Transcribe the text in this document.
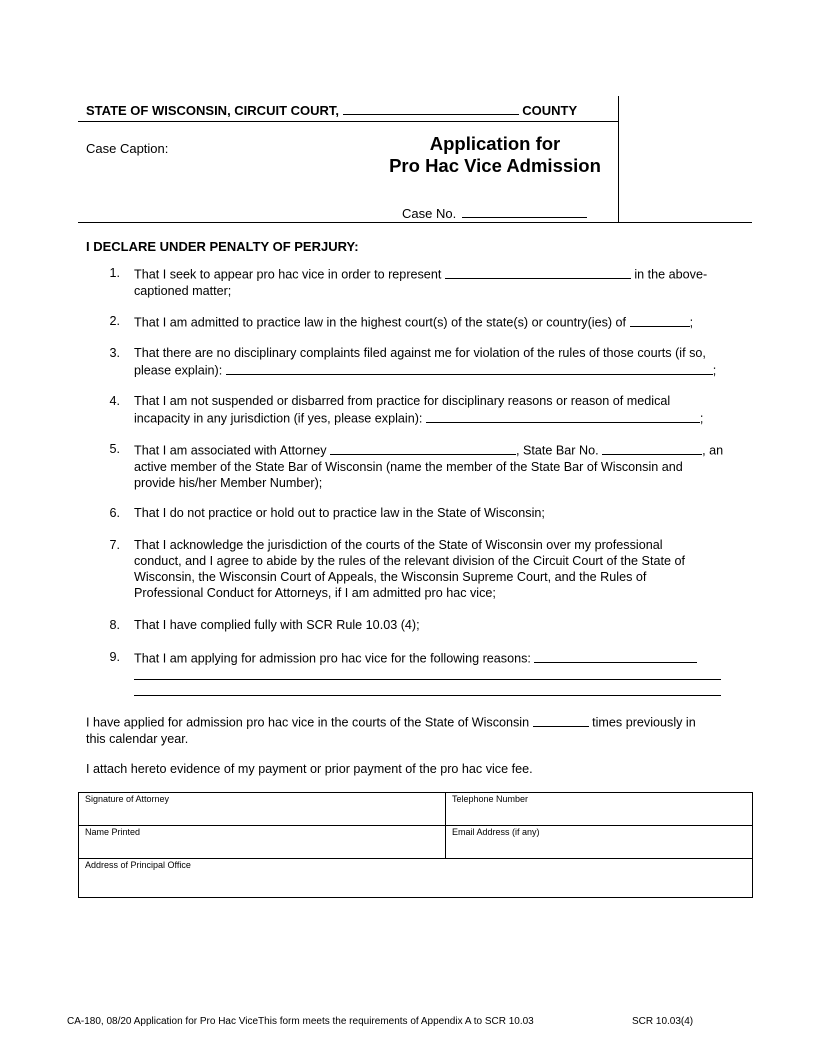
STATE OF WISCONSIN, CIRCUIT COURT,	COUNTY
Case Caption:	Application for
Pro Hac Vice Admission
Case No.
I DECLARE UNDER PENALTY OF PERJURY:
1. That I seek to appear pro hac vice in order to represent	in the above-
captioned matter;
2. That I am admitted to practice law in the highest court(s) of the state(s) or country(ies) of	;
3. That there are no disciplinary complaints filed against me for violation of the rules of those courts (if so,
please explain):	;
4. That I am not suspended or disbarred from practice for disciplinary reasons or reason of medical
incapacity in any jurisdiction (if yes, please explain):	;
5. That I am associated with Attorney	, State Bar No.	, an
active member of the State Bar of Wisconsin (name the member of the State Bar of Wisconsin and
provide his/her Member Number);
6. That I do not practice or hold out to practice law in the State of Wisconsin;
7. That I acknowledge the jurisdiction of the courts of the State of Wisconsin over my professional
conduct, and I agree to abide by the rules of the relevant division of the Circuit Court of the State of
Wisconsin, the Wisconsin Court of Appeals, the Wisconsin Supreme Court, and the Rules of
Professional Conduct for Attorneys, if I am admitted pro hac vice;
8. That I have complied fully with SCR Rule 10.03 (4);
9. That I am applying for admission pro hac vice for the following reasons:
I have applied for admission pro hac vice in the courts of the State of Wisconsin	times previously in
this calendar year.
I attach hereto evidence of my payment or prior payment of the pro hac vice fee.
Signature of Attorney	Telephone Number
Name Printed	Email Address (if any)
Address of Principal Office
CA-180, 08/20 Application for Pro Hac ViceThis form meets the requirements of Appendix A to SCR 10.03	SCR 10.03(4)
